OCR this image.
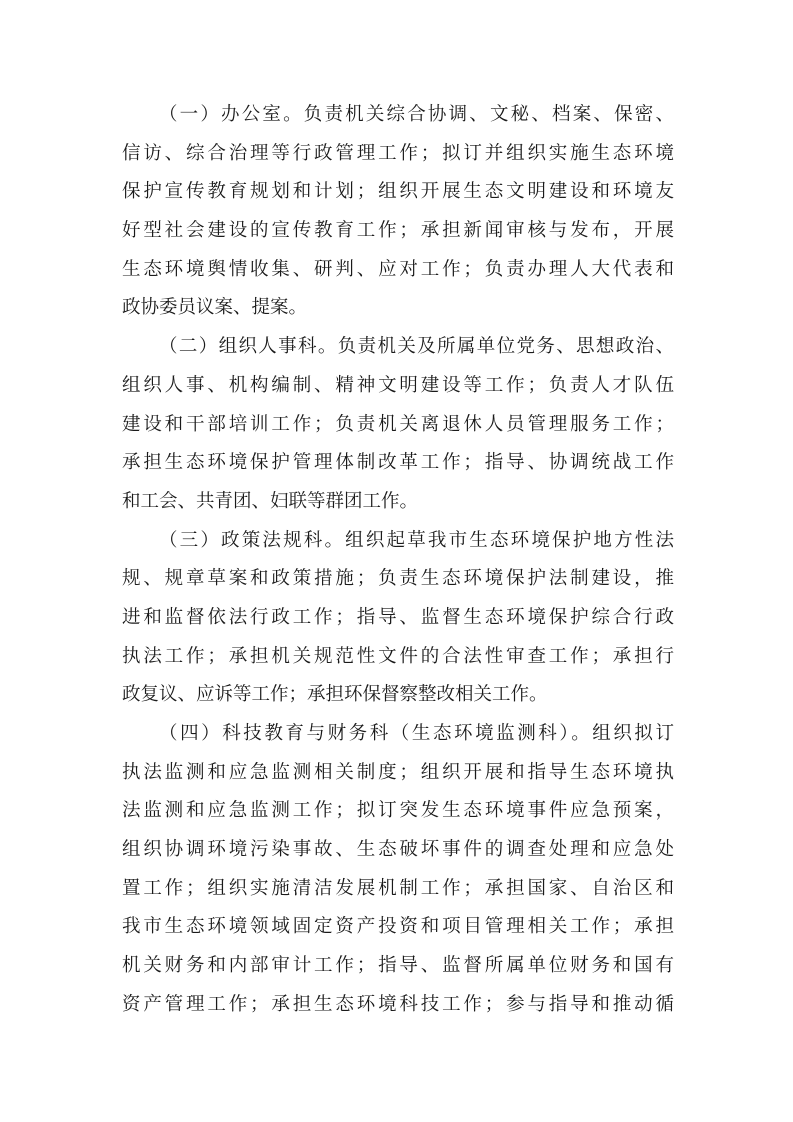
（一）办公室。负责机关综合协调、文秘、档案、保密、
信访、综合治理等行政管理工作；拟订并组织实施生态环境
保护宣传教育规划和计划；组织开展生态文明建设和环境友
好型社会建设的宣传教育工作；承担新闻审核与发布，开展
生态环境舆情收集、研判、应对工作；负责办理人大代表和
政协委员议案、提案。
（二）组织人事科。负责机关及所属单位党务、思想政治、
组织人事、机构编制、精神文明建设等工作；负责人才队伍
建设和干部培训工作；负责机关离退休人员管理服务工作；
承担生态环境保护管理体制改革工作；指导、协调统战工作
和工会、共青团、妇联等群团工作。
（三）政策法规科。组织起草我市生态环境保护地方性法
规、规章草案和政策措施；负责生态环境保护法制建设，推
进和监督依法行政工作；指导、监督生态环境保护综合行政
执法工作；承担机关规范性文件的合法性审查工作；承担行
政复议、应诉等工作；承担环保督察整改相关工作。
（四）科技教育与财务科（生态环境监测科）。组织拟订
执法监测和应急监测相关制度；组织开展和指导生态环境执
法监测和应急监测工作；拟订突发生态环境事件应急预案，
组织协调环境污染事故、生态破坏事件的调查处理和应急处
置工作；组织实施清洁发展机制工作；承担国家、自治区和
我市生态环境领域固定资产投资和项目管理相关工作；承担
机关财务和内部审计工作；指导、监督所属单位财务和国有
资产管理工作；承担生态环境科技工作；参与指导和推动循
